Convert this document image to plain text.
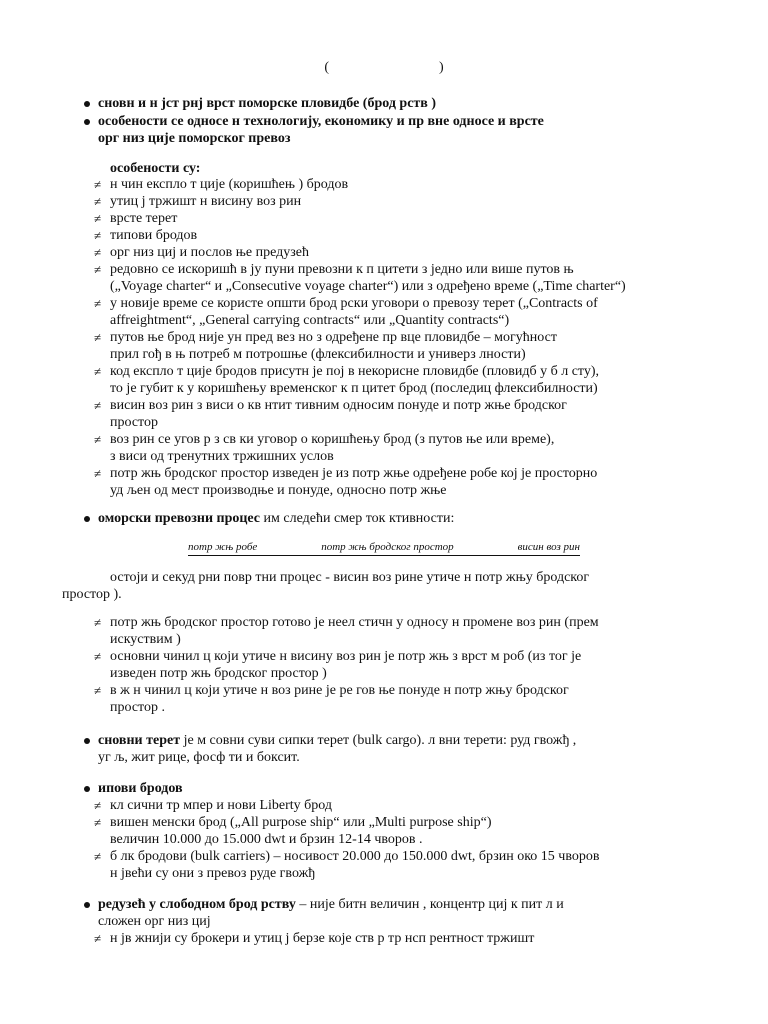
(	)
сновн и н јст рнј врст поморске пловидбе (брод рств )
особености се односе н технологију, економику и пр вне односе и врсте
орг низ ције поморског превоз
особености су:
≠ н чин експло т ције (коришћењ ) бродов
≠ утиц ј тржишт н висину воз рин
≠ врсте терет
≠ типови бродов
≠ орг низ циј и послов ње предузећ
≠ редовно се искоришћ в ју пуни превозни к п цитети з једно или више путов њ
(„Voyage charter“ и „Consecutive voyage charter“) или з одређено време („Time charter“)
≠ у новије време се користе општи брод рски уговори о превозу терет („Contracts of
affreightment“, „General carrying contracts“ или „Quantity contracts“)
≠ путов ње брод није ун пред вез но з одређене пр вце пловидбе – могућност
прил гођ в њ потреб м потрошње (флексибилности и универз лности)
≠ код експло т ције бродов присутн је пој в некорисне пловидбе (пловидб у б л сту),
то је губит к у коришћењу временског к п цитет брод (последиц флексибилности)
≠ висин воз рин з виси о кв нтит тивним односим понуде и потр жње бродског
простор
≠ воз рин се угов р з св ки уговор о коришћењу брод (з путов ње или време),
з виси од тренутних тржишних услов
≠ потр жњ бродског простор изведен је из потр жње одређене робе кој је просторно
уд љен од мест производње и понуде, односно потр жње
оморски превозни процес им следећи смер ток ктивности:
потр жњ робе	потр жњ бродског простор	висин воз рин
остоји и секуд рни повр тни процес - висин воз рине утиче н потр жњу бродског
простор ).
≠ потр жњ бродског простор готово је неел стичн у односу н промене воз рин (прем
искуствим )
≠ основни чинил ц који утиче н висину воз рин је потр жњ з врст м роб (из тог је
изведен потр жњ бродског простор )
≠ в ж н чинил ц који утиче н воз рине је ре гов ње понуде н потр жњу бродског
простор .
сновни терет је м совни суви сипки терет (bulk cargo). л вни терети: руд гвожђ ,
уг љ, жит рице, фосф ти и боксит.
ипови бродов
≠ кл сични тр мпер и нови Liberty брод
≠ вишен менски брод („All purpose ship“ или „Multi purpose ship“)
величин 10.000 до 15.000 dwt и брзин 12-14 чворов .
≠ б лк бродови (bulk carriers) – носивост 20.000 до 150.000 dwt, брзин око 15 чворов
н јвећи су они з превоз руде гвожђ
редузећ у слободном брод рству – није битн величин , концентр циј к пит л и
сложен орг низ циј
≠ н јв жнији су брокери и утиц ј берзе које ств р тр нсп рентност тржишт
